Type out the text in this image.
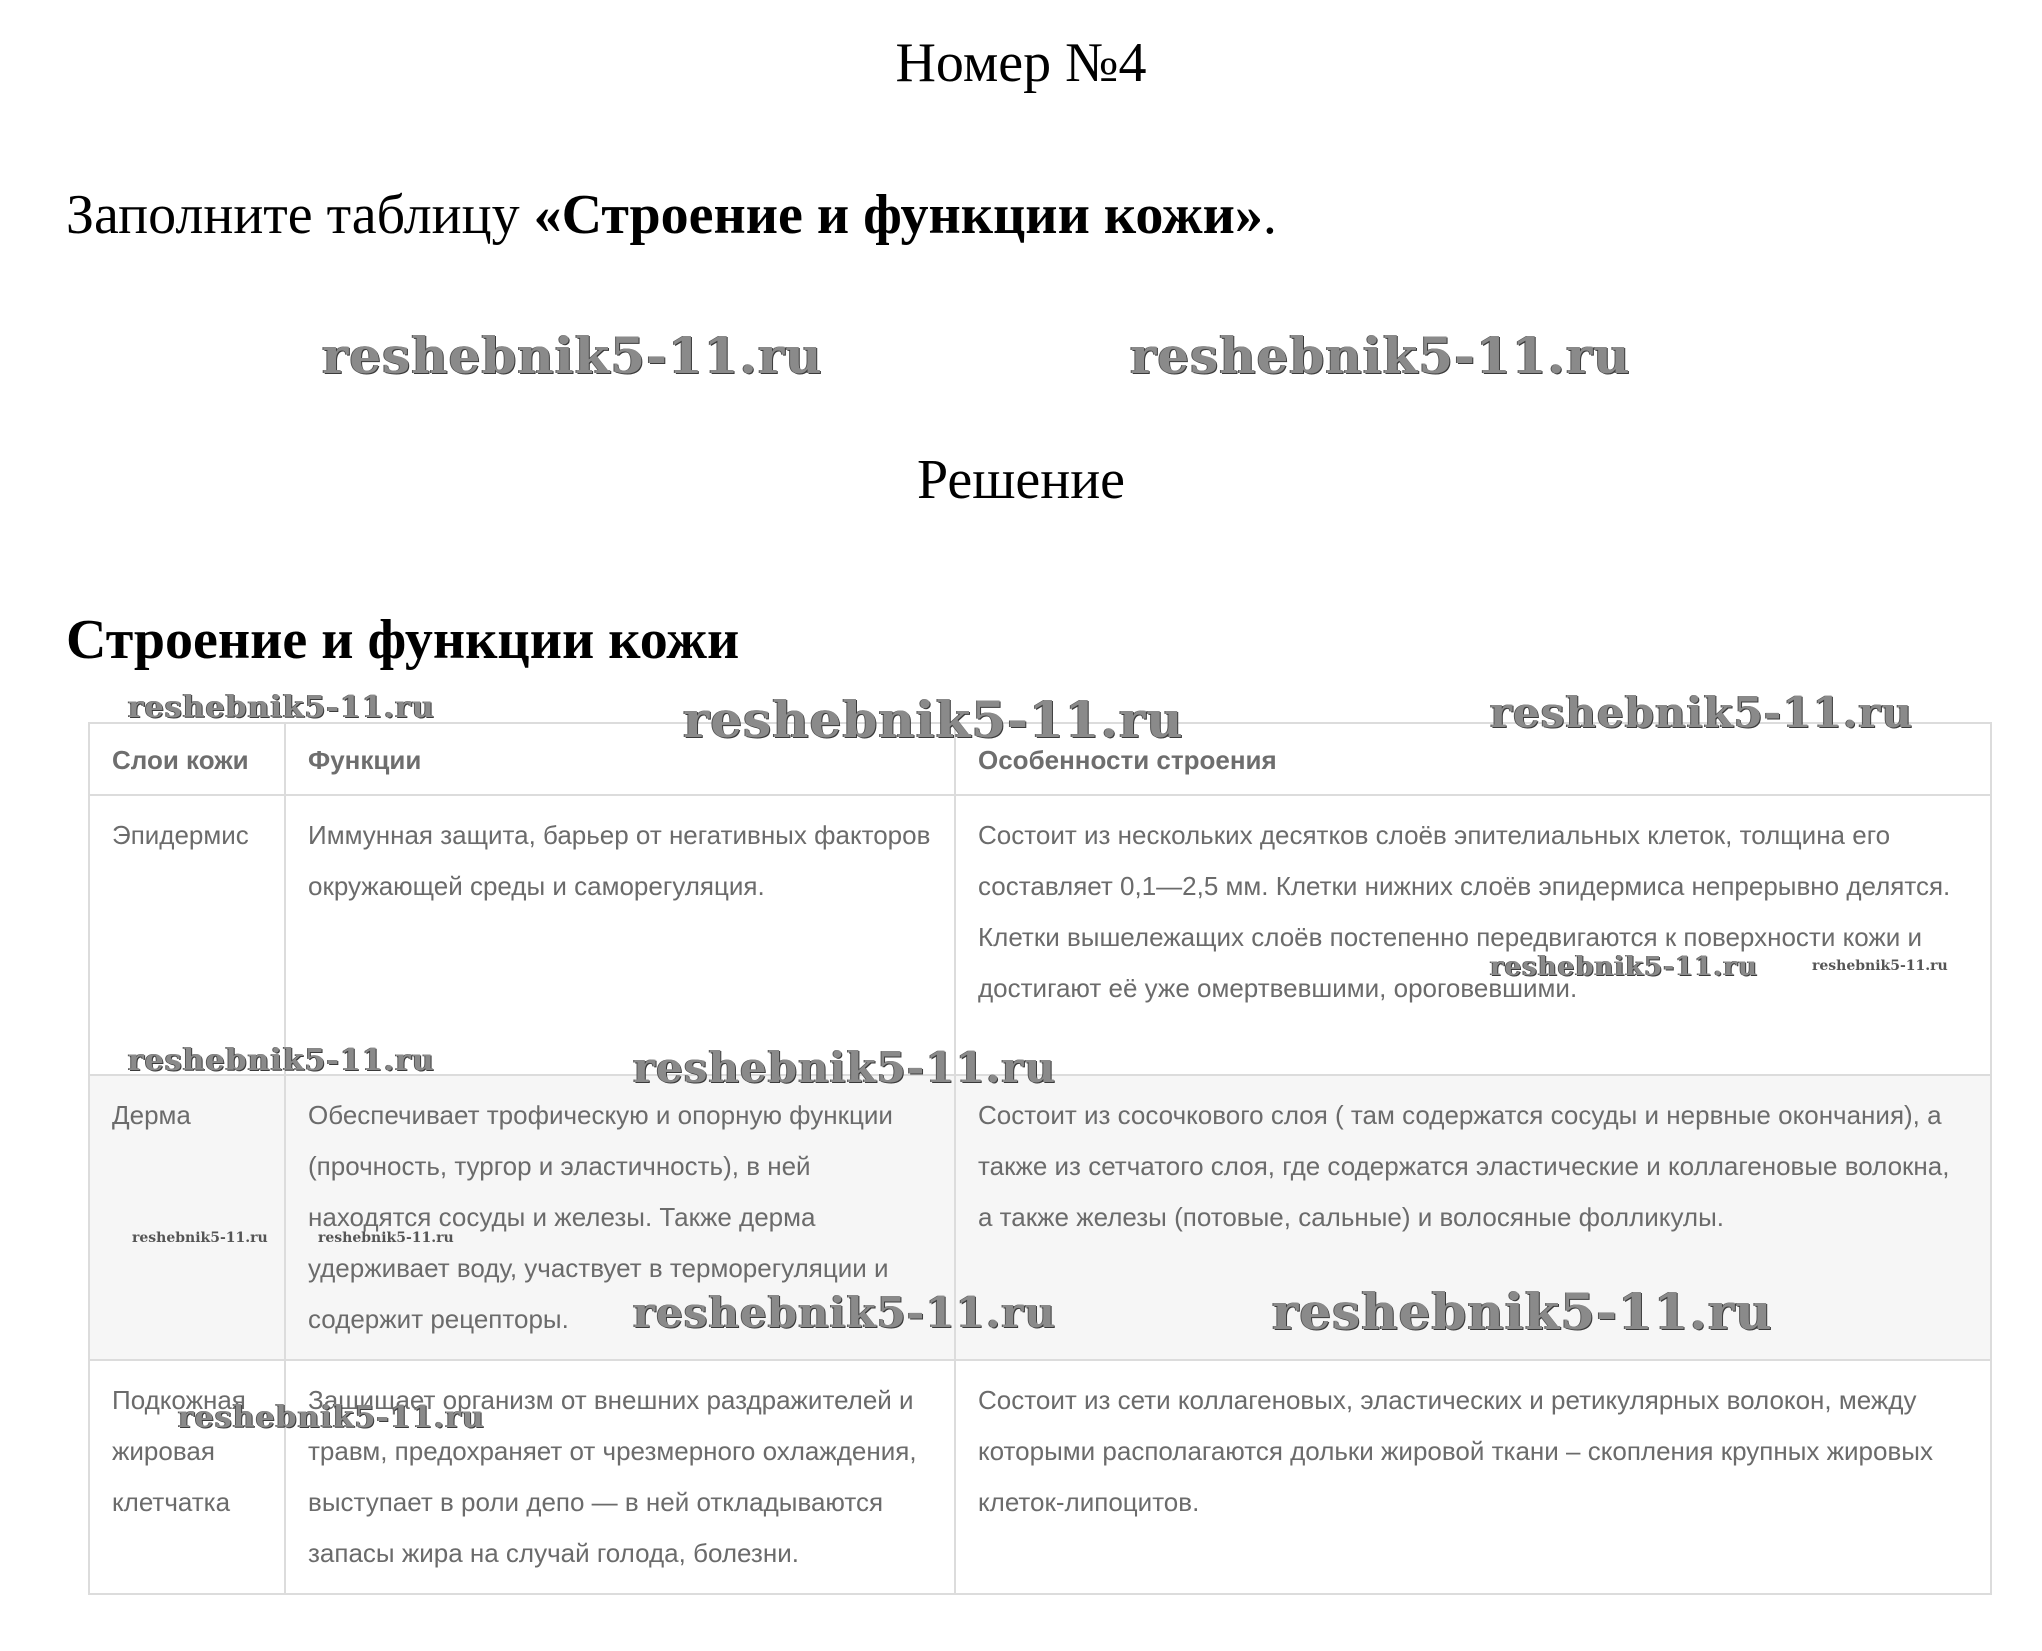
Номер №4
Заполните таблицу «Строение и функции кожи».
Решение
Строение и функции кожи
Слои кожи	Функции	Особенности строения
Эпидермис	Иммунная защита, барьер от негативных факторов окружающей среды и саморегуляция.	Состоит из нескольких десятков слоёв эпителиальных клеток, толщина его составляет 0,1—2,5 мм. Клетки нижних слоёв эпидермиса непрерывно делятся. Клетки вышележащих слоёв постепенно передвигаются к поверхности кожи и достигают её уже омертвевшими, ороговевшими.
Дерма	Обеспечивает трофическую и опорную функции (прочность, тургор и эластичность), в ней находятся сосуды и железы. Также дерма удерживает воду, участвует в терморегуляции и содержит рецепторы.	Состоит из сосочкового слоя ( там содержатся сосуды и нервные окончания), а также из сетчатого слоя, где содержатся эластические и коллагеновые волокна, а также железы (потовые, сальные) и волосяные фолликулы.
Подкожная жировая клетчатка	Защищает организм от внешних раздражителей и травм, предохраняет от чрезмерного охлаждения, выступает в роли депо — в ней откладываются запасы жира на случай голода, болезни.	Состоит из сети коллагеновых, эластических и ретикулярных волокон, между которыми располагаются дольки жировой ткани – скопления крупных жировых клеток-липоцитов.
reshebnik5-11.ru	reshebnik5-11.ru
reshebnik5-11.ru	reshebnik5-11.ru	reshebnik5-11.ru
reshebnik5-11.ru	reshebnik5-11.ru
reshebnik5-11.ru	reshebnik5-11.ru
reshebnik5-11.ru	reshebnik5-11.ru
reshebnik5-11.ru	reshebnik5-11.ru
reshebnik5-11.ru
